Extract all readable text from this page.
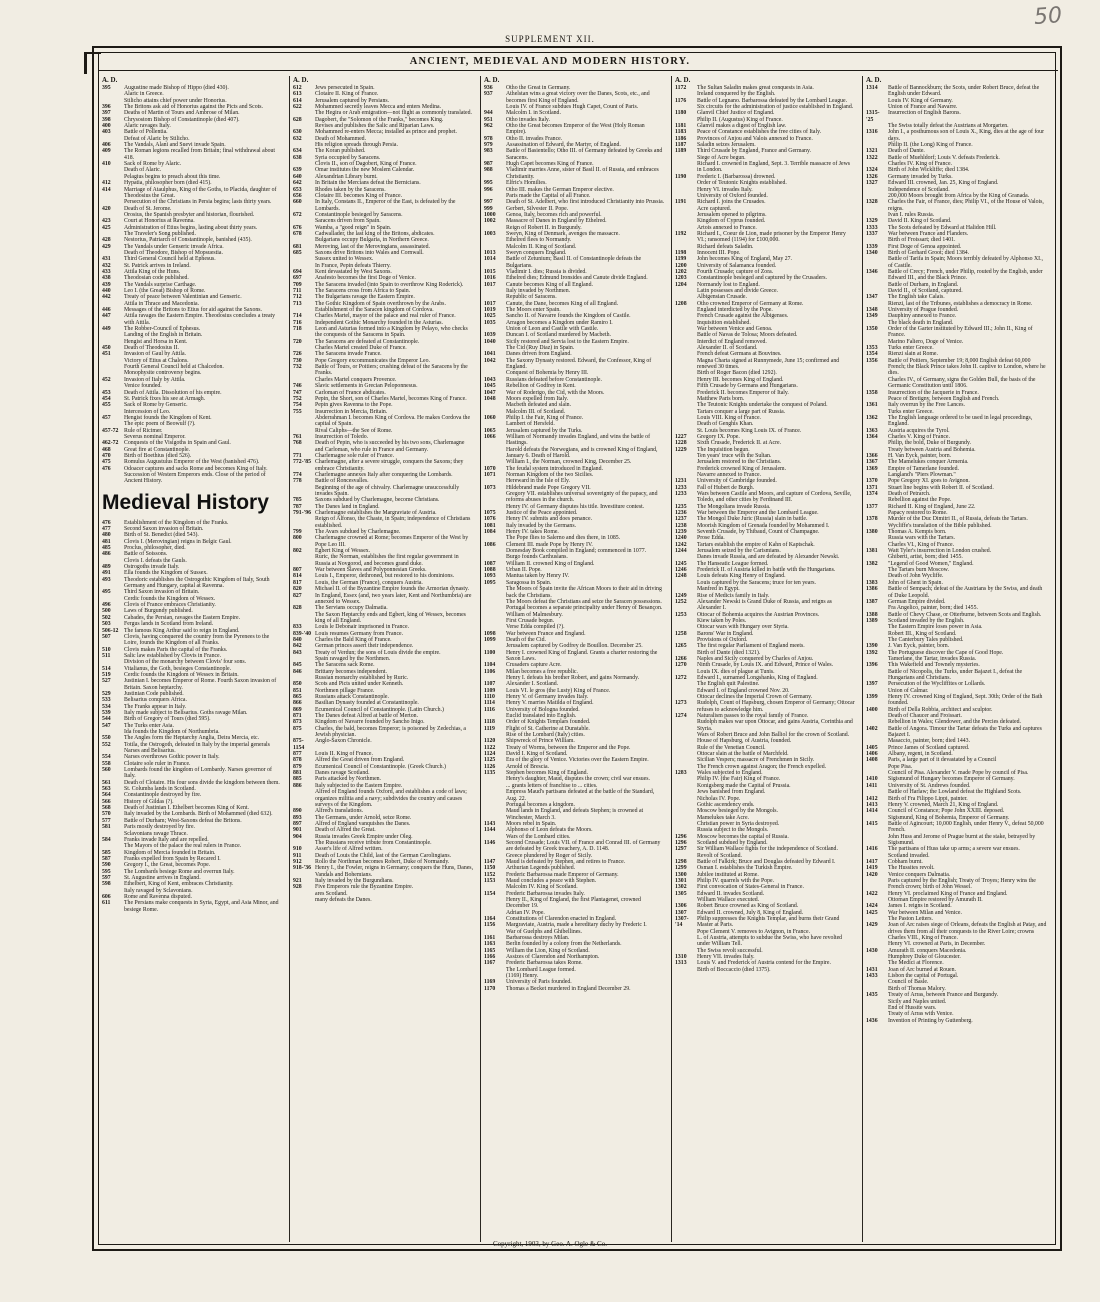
50
SUPPLEMENT XII.
ANCIENT, MEDIEVAL AND MODERN HISTORY.
A. D.
395	Augustine made Bishop of Hippo (died 430).
Alaric in Greece.
Stilicho attains chief power under Honorius.
396	The Britons ask aid of Honorius against the Picts and Scots.
397	Deaths of Martin of Tours and Ambrose of Milan.
398	Chrysostom Bishop of Constantinople (died 407).
400	Alaric ravages Italy.
403	Battle of Pollentia.
Defeat of Alaric by Stilicho.
406	The Vandals, Alani and Suevi invade Spain.
409	The Roman legions recalled from Britain; final withdrawal about 418.
410	Sack of Rome by Alaric.
Death of Alaric.
Pelagius begins to preach about this time.
412	Hypatia, philosopher born (died 415).
414	Marriage of Ataulphus, King of the Goths, to Placida, daughter of Theodosius the Great.
Persecution of the Christians in Persia begins; lasts thirty years.
420	Death of St. Jerome.
Orosius, the Spanish presbyter and historian, flourished.
423	Court at Honorius at Ravenna.
425	Administration of Etius begins, lasting about thirty years.
The Traveler's Song published.
428	Nestorius, Patriarch of Constantinople, banished (435).
429	The Vandals under Genseric invade Africa.
Death of Theodore, Bishop of Mopsuestia.
431	Third General Council held at Ephesus.
432	St. Patrick arrives in Ireland.
433	Attila King of the Huns.
438	Theodosian code published.
439	The Vandals surprise Carthage.
440	Leo I. (the Great) Bishop of Rome.
442	Treaty of peace between Valentinian and Genseric.
Attila in Thrace and Macedonia.
446	Messages of the Britons to Etius for aid against the Saxons.
447	Attila ravages the Eastern Empire. Theodosius concludes a treaty with Attila.
449	The Robber-Council of Ephesus.
Landing of the English in Britain.
Hengist and Horsa in Kent.
450	Death of Theodosius II.
451	Invasion of Gaul by Attila.
Victory of Etius at Chalons.
Fourth General Council held at Chalcedon.
Monophysite controversy begins.
452	Invasion of Italy by Attila.
Venice founded.
453	Death of Attila. Dissolution of his empire.
454	St. Patrick fixes his see at Armagh.
455	Sack of Rome by Genseric.
Intercession of Leo.
457	Hengist founds the Kingdom of Kent.
The epic poem of Beowulf (?).
457-72 Rule of Ricimer.
Severus nominal Emperor.
462-72 Conquests of the Visigoths in Spain and Gaul.
468	Great fire at Constantinople.
470	Birth of Boethius (died 526).
475	Romulus Augustulus Emperor of the West (banished 476).
476	Odoacer captures and sacks Rome and becomes King of Italy.
Succession of Western Emperors ends. Close of the period of Ancient History.
Medieval History
476	Establishment of the Kingdom of the Franks.
477	Second Saxon invasion of Britain.
480	Birth of St. Benedict (died 543).
481	Clovis I. (Merovingian) reigns in Belgic Gaul.
485	Proclus, philosopher, died.
486	Battle of Soissons.
Clovis I. defeats the Gauls.
489	Ostrogoths invade Italy.
491	Ella founds the Kingdom of Sussex.
493	Theodoric establishes the Ostrogothic Kingdom of Italy, South Germany and Hungary, capital at Ravenna.
495	Third Saxon invasion of Britain.
Cerdic founds the Kingdom of Wessex.
496	Clovis of France embraces Christianity.
500	Laws of Burgundy published.
502	Cabades, the Persian, ravages the Eastern Empire.
503	Fergus lands in Scotland from Ireland.
506-12 The famous King Arthur said to reign in England.
507	Clovis, having conquered the country from the Pyrenees to the Loire, founds the Kingdom of all Franks.
510	Clovis makes Paris the capital of the Franks.
511	Salic law established by Clovis in France.
Division of the monarchy between Clovis' four sons.
514	Vitalianus, the Goth, besieges Constantinople.
519	Cerdic founds the Kingdom of Wessex in Britain.
527	Justinian I. becomes Emperor of Rome. Fourth Saxon invasion of Britain. Saxon heptarchy.
529	Justinian Code published.
533	Belisarius conquers Africa.
534	The Franks appear in Italy.
539	Italy made subject to Belisarius. Goths ravage Milan.
544	Birth of Gregory of Tours (died 595).
547	The Turks enter Asia.
Ida founds the Kingdom of Northumbria.
550	The Angles form the Heptarchy Anglia, Deira Mercia, etc.
552	Totila, the Ostrogoth, defeated in Italy by the imperial generals Narses and Belisarius.
554	Narses overthrows Gothic power in Italy.
558	Clotaire sole ruler in France.
560	Lombards found the kingdom of Lombardy. Narses governor of Italy.
561	Death of Clotaire. His four sons divide the kingdom between them.
563	St. Columba lands in Scotland.
564	Constantinople destroyed by fire.
566	History of Gildas (?).
568	Death of Justinian I. Ethelbert becomes King of Kent.
570	Italy invaded by the Lombards. Birth of Mohammed (died 632).
577	Battle of Durham; West-Saxons defeat the Britons.
581	Paris mostly destroyed by fire.
Sclavonians ravage Thrace.
584	Franks invade Italy and are repelled.
The Mayors of the palace the real rulers in France.
585	Kingdom of Mercia founded in Britain.
587	Franks expelled from Spain by Recared I.
590	Gregory I., the Great, becomes Pope.
595	The Lombards besiege Rome and overrun Italy.
597	St. Augustine arrives in England.
598	Ethelbert, King of Kent, embraces Christianity.
Italy ravaged by Sclavonians.
606	Rome and Ravenna disputed.
611	The Persians make conquests in Syria, Egypt, and Asia Minor, and besiege Rome.
A. D.
612	Jews persecuted in Spain.
613	Clotaire II. King of France.
614	Jerusalem captured by Persians.
622	Mohammed secretly leaves Mecca and enters Medina.
The Hegira or Arab emigration—not flight as commonly translated.
628	Dagobert, the "Solomon of the Franks," becomes King.
Revises and publishes the Salic and Riparian Laws.
630	Mohammed re-enters Mecca; installed as prince and prophet.
632	Death of Mohammed.
His religion spreads through Persia.
634	The Koran published.
638	Syria occupied by Saracens.
Clovis II., son of Dagobert, King of France.
639	Omar institutes the new Moslem Calendar.
640	Alexandrian Library burnt.
642	In Britain the Mercians defeat the Bernicians.
653	Rhodes taken by the Saracens.
656	Clotaire III. becomes King of France.
660	In Italy, Constans II., Emperor of the East, is defeated by the Lombards.
672	Constantinople besieged by Saracens.
Saracens driven from Spain.
676	Wamba, a "good reign" in Spain.
678	Cadwallader, the last king of the Britons, abdicates.
Bulgarians occupy Bulgaria, in Northern Greece.
681	Meroving, last of the Merovingians, assassinated.
685	Saxons drive Britons into Wales and Cornwall.
Sussex united to Wessex.
In France, Pepin defeats Thierry.
694	Kent devastated by West Saxons.
697	Anafesto becomes the first Doge of Venice.
709	The Saracens invaded (into Spain to overthrow King Roderick).
711	The Saracens cross from Africa to Spain.
712	The Bulgarians ravage the Eastern Empire.
713	The Gothic Kingdom of Spain overthrown by the Arabs.
Establishment of the Saracen kingdom of Cordova.
714	Charles Martel, mayor of the palace and real ruler of France.
716	Independent Gothic Monarchy founded in the Asturias.
718	Leon and Asturias formed into a Kingdom by Pelayo, who checks the conquests of the Saracens in Spain.
720	The Saracens are defeated at Constantinople.
Charles Martel created Duke of France.
726	The Saracens invade France.
730	Pope Gregory excommunicates the Emperor Leo.
732	Battle of Tours, or Poitiers; crushing defeat of the Saracens by the Franks.
Charles Martel conquers Provence.
746	Slavic settlements in Grecian Peloponnesus.
747	Carloman of France abdicates.
752	Pepin, the Short, son of Charles Martel, becomes King of France.
754	Pepin gives Ravenna to the Pope.
755	Insurrection in Mercia, Britain.
Abderrahman I. becomes King of Cordova. He makes Cordova the capital of Spain.
Rival Caliphs—the See of Rome.
761	Insurrection of Toledo.
768	Death of Pepin, who is succeeded by his two sons, Charlemagne and Carloman, who rule in France and Germany.
771	Charlemagne sole ruler of France.
772-'85 Charlemagne, after a severe struggle, conquers the Saxons; they embrace Christianity.
774	Charlemagne annexes Italy after conquering the Lombards.
778	Battle of Roncesvalles.
Beginning of the age of chivalry. Charlemagne unsuccessfully invades Spain.
785	Saxons subdued by Charlemagne, become Christians.
787	The Danes land in England.
791-'96 Charlemagne establishes the Margraviate of Austria.
Reign of Alfonso, the Chaste, in Spain; independence of Christians established.
799	The Avars subdued by Charlemagne.
800	Charlemagne crowned at Rome; becomes Emperor of the West by Pope Leo III.
802	Egbert King of Wessex.
Ruric, the Norman, establishes the first regular government in Russia at Novgorod, and becomes grand duke.
807	War between Slaves and Polyponnesian Greeks.
814	Louis I., Emperor, dethroned, but restored to his dominions.
817	Louis, the German (France), conquers Austria.
820	Michael II. of the Byzantine Empire founds the Armorian dynasty.
827	In England, Essex (and, two years later, Kent and Northumbria) are annexed to Wessex.
828	The Servians occupy Dalmatia.
The Saxon Heptarchy ends and Egbert, king of Wessex, becomes king of all England.
833	Louis le Debonair imprisoned in France.
839-'40 Louis resumes Germany from France.
840	Charles the Bald King of France.
842	German princes assert their independence.
843	Treaty of Verdun; the sons of Louis divide the empire.
Spain ravaged by the Northmen.
845	The Saracens sack Rome.
846	Brittany becomes independent.
Russian monarchy established by Ruric.
850	Scots and Picts united under Kenneth.
851	Northmen pillage France.
865	Russians attack Constantinople.
866	Basilian Dynasty founded at Constantinople.
869	Ecumenical Council of Constantinople. (Latin Church.)
871	The Danes defeat Alfred at battle of Merton.
873	Kingdom of Navarre founded by Sancho Inigo.
875	Charles, the bald, becomes Emperor; is poisoned by Zedechias, a Jewish physician.
875-1154
Anglo-Saxon Chronicle.
877	Louis II. King of France.
878	Alfred the Great driven from England.
879	Ecumenical Council of Constantinople. (Greek Church.)
881	Danes ravage Scotland.
885	Paris attacked by Northmen.
886	Italy subjected to the Eastern Empire.
Alfred of England founds Oxford, and establishes a code of laws; organizes militia and a navy; subdivides the country and causes surveys of the Kingdom.
890	Alfred's translations.
893	The Germans, under Arnold, seize Rome.
897	Alfred of England vanquishes the Danes.
901	Death of Alfred the Great.
904	Russia invades Greek Empire under Oleg.
The Russians receive tribute from Constantinople.
910	Asser's life of Alfred written.
911	Death of Louis the Child, last of the German Carolingians.
912	Rollo the Northman becomes Robert, Duke of Normandy.
918-'36 Henry I., the Fowler, reigns in Germany; conquers the Huns, Danes, Vandals and Bohemians.
921	Italy invaded by the Burgundians.
928	Five Emperors rule the Byzantine Empire.
ares Scotland.
many defeats the Danes.
A. D.
936	Otho the Great in Germany.
937	Athelstan wins a great victory over the Danes, Scots, etc., and becomes first King of England.
Louis IV. of France subdues Hugh Capet, Count of Paris.
944	Malcolm I. in Scotland.
951	Otho invades Italy.
962	Otho the Great becomes Emperor of the West (Holy Roman Empire).
978	Otho II. invades France.
979	Assassination of Edward, the Martyr, of England.
983	Battle of Basientello; Otho III. of Germany defeated by Greeks and Saracens.
987	Hugh Capet becomes King of France.
988	Vladimir marries Anne, sister of Basil II. of Russia, and embraces Christianity.
995	Elfric's Homilies.
996	Otho III. makes the German Emperor elective.
Paris made the Capital of all France.
997	Death of St. Adelbert, who first introduced Christianity into Prussia.
999	Gerbert, Silvester II. Pope.
1000	Genoa, Italy, becomes rich and powerful.
1002	Massacre of Danes in England by Ethelred.
Reign of Robert II. in Burgundy.
1003	Sweyn, King of Denmark, avenges the massacre.
Ethelred flees to Normandy.
Malcolm II. King of Scotland.
1013	Sweyn conquers England.
1014	Battle of Zetunium; Basil II. of Constantinople defeats the Bulgarians.
1015	Vladimir I. dies; Russia is divided.
1016	Ethelred dies; Edmund Ironsides and Canute divide England.
1017	Canute becomes King of all England.
Italy invaded by Northmen.
Republic of Saracens.
1017	Canute, the Dane, becomes King of all England.
1019	The Moors enter Spain.
1025	Sancho II. of Navarre founds the Kingdom of Castile.
1035	Arragon becomes a Kingdom under Ramiro I.
Union of Leon and Castile with Castile.
1039	Duncan I. of Scotland murdered by Macbeth.
1040	Sicily restored and Servia lost to the Eastern Empire.
The Cid (Ruy Diaz) in Spain.
1041	Danes driven from England.
1042	The Saxony Dynasty restored. Edward, the Confessor, King of England.
Conquest of Bohemia by Henry III.
1043	Russians defeated before Constantinople.
1045	Rebellion of Godfrey in Kent.
1047	War of Roderigo, the Cid, with the Moors.
1048	Moors expelled from Italy.
Macbeth defeated and slain.
Malcolm III. of Scotland.
1060	Philip I. the Fair, King of France.
Lambert of Hersfeld.
1065	Jerusalem captured by the Turks.
1066	William of Normandy invades England, and wins the battle of Hastings.
Harold defeats the Norwegians, and is crowned King of England, January 6. Death of Harold.
William I., the Norman, crowned King, December 25.
1070	The feudal system introduced in England.
1071	Norman Kingdom of the two Sicilies.
Hereward in the Isle of Ely.
1073	Hildebrand made Pope Gregory VII.
Gregory VII. establishes universal sovereignty of the papacy, and reforms abuses in the church.
Henry IV. of Germany disputes his title. Investiture contest.
1075	Justice of the Peace appointed.
1076	Henry IV. submits and does penance.
1081	Italy invaded by the Germans.
1084	Henry IV. takes Rome.
The Pope flies to Salerno and dies there, in 1085.
1086	Clement III. made Pope by Henry IV.
Domesday Book compiled in England; commenced in 1077.
Burgo founds Carthusians.
1087	William II. crowned King of England.
1088	Urban II. Pope.
1093	Mantua taken by Henry IV.
1095	Saragossa in Spain.
The Moors of Spain invite the African Moors to their aid in driving back the Christians.
The Moors defeat the Christians and seize the Saracen possessions.
Portugal becomes a separate principality under Henry of Besançon.
William of Malmesbury.
First Crusade begun.
Verse Edda compiled (?).
1098	War between France and England.
1099	Death of the Cid.
Jerusalem captured by Godfrey de Bouillon. December 25.
1100	Henry I. crowned King of England. Grants a charter restoring the Saxon Laws.
1104	Crusaders capture Acre.
1106	Milan becomes a free republic.
Henry I. defeats his brother Robert, and gains Normandy.
1107	Alexander I. Scotland.
1109	Louis VI. le gros (the Lusty) King of France.
1110	Henry V. of Germany invades Italy.
1114	Henry V. marries Matilda of England.
1116	University of Bologna founded.
Euclid translated into English.
1118	Order of Knights Templars founded.
1119	Flight of St. Catherine at Dunstable.
Rise of the Lombard (Italy) cities.
1120	Shipwreck of Prince William.
1122	Treaty of Worms, between the Emperor and the Pope.
1124	David I. King of Scotland.
1125	Era of the glory of Venice. Victories over the Eastern Empire.
1126	Arnold of Brescia.
1135	Stephen becomes King of England.
Henry's daughter, Maud, disputes the crown; civil war ensues.
... grants letters of franchise to ... cities.
Empress Maud's partisans defeated at the battle of the Standard, Aug. 22.
Portugal becomes a kingdom.
Maud lands in England, and defeats Stephen; is crowned at Winchester, March 3.
1143	Moors rebel in Spain.
1144	Alphonso of Leon defeats the Moors.
Wars of the Lombard cities.
1146	Second Crusade; Louis VII. of France and Conrad III. of Germany are defeated by Greek treachery, A. D. 1148.
Greece plundered by Roger of Sicily.
1147	Maud is defeated by Stephen, and retires to France.
1150	Arthurian Legends published.
1152	Frederic Barbarossa made Emperor of Germany.
1153	Maud concludes a peace with Stephen.
Malcolm IV. King of Scotland.
1154	Frederic Barbarossa invades Italy.
Henry II., King of England, the first Plantagenet, crowned December 19.
Adrian IV. Pope.
1164	Constitutions of Clarendon enacted in England.
1156	Margraviate, Austria, made a hereditary duchy by Frederic I.
War of Guelphs and Ghibellines.
1161	Barbarossa destroys Milan.
1163	Berlin founded by a colony from the Netherlands.
1165	William the Lion, King of Scotland.
1166	Assizes of Clarendon and Northampton.
1167	Frederic Barbarossa takes Rome.
The Lombard League formed.
(1169) Henry.
1169	University of Paris founded.
1170	Thomas a Becket murdered in England December 29.
A. D.
1172	The Sultan Saladin makes great conquests in Asia.
Ireland conquered by the English.
1176	Battle of Legnano. Barbarossa defeated by the Lombard League.
Six circuits for the administration of justice established in England.
1180	Glanvil Chief Justice of England.
Philip II. (Augustus) King of France.
1181	Glanvil makes a digest of English law.
1183	Peace of Constance establishes the free cities of Italy.
1186	Provinces of Anjou and Valois annexed to France.
1187	Saladin seizes Jerusalem.
1189	Third Crusade by England, France and Germany.
Siege of Acre begun.
Richard I. crowned in England, Sept. 3. Terrible massacre of Jews in London.
1190	Frederic I. (Barbarossa) drowned.
Order of Teutonic Knights established.
Henry VI. invades Italy.
University of Oxford founded.
1191	Richard I. joins the Crusades.
Acre captured.
Jerusalem opened to pilgrims.
Kingdom of Cyprus founded.
Artois annexed to France.
1192	Richard I., Coeur de Lion, made prisoner by the Emperor Henry VI.; ransomed (1194) for £100,000.
Richard defeats Saladin.
1198	Innocent III. Pope.
1199	John becomes King of England, May 27.
1200	University of Salamanca founded.
1202	Fourth Crusade; capture of Zora.
1203	Constantinople besieged and captured by the Crusaders.
1204	Normandy lost to England.
Latin possesses and divide Greece.
Albigensian Crusade.
1208	Otho crowned Emperor of Germany at Rome.
England interdicted by the Pope.
French Crusade against the Albigenses.
Inquisition established.
War between Venice and Genoa.
Battle of Navas de Tolosa; Moors defeated.
Interdict of England removed.
Alexander II. of Scotland.
French defeat Germans at Bouvines.
Magna Charta signed at Runnymede, June 15; confirmed and renewed 30 times.
Birth of Roger Bacon (died 1292).
Henry III. becomes King of England.
Fifth Crusade by Germans and Hungarians.
Frederick II. becomes Emperor of Italy.
Matthew Paris born.
The Teutonic Knights undertake the conquest of Poland.
Tartars conquer a large part of Russia.
Louis VIII. King of France.
Death of Genghis Khan.
St. Louis becomes King Louis IX. of France.
1227	Gregory IX. Pope.
1228	Sixth Crusade, Frederick II. at Acre.
1229	The Inquisition begun.
Ten years' truce with the Sultan.
Jerusalem restored to the Christians.
Frederick crowned King of Jerusalem.
Navarre annexed to France.
1231	University of Cambridge founded.
1233	Fall of Hubert de Burgh.
1233	Wars between Castile and Moors, and capture of Cordova, Seville, Toledo, and other cities by Ferdinand III.
1235	The Mongolians invade Russia.
1236	War between the Emperor and the Lombard League.
1237	The Mongol Duke Juric (Russia) slain in battle.
1238	Moorish Kingdom of Grenada founded by Mohammed I.
1239	Seventh Crusade, by Thibaud, Count of Champagne.
1240	Prose Edda.
1242	Tartars establish the empire of Kahn of Kaptschak.
1244	Jerusalem seized by the Carismians.
Danes invade Russia, and are defeated by Alexander Newski.
1245	The Hanseatic League formed.
1246	Frederick II. of Austria killed in battle with the Hungarians.
1248	Louis defeats King Henry of England.
Louis captured by the Saracens; truce for ten years.
Manfred in Egypt.
1249	Rise of Medicis family in Italy.
1252	Alexander Newski is Grand Duke of Russia, and reigns as Alexander I.
1253	Ottocar of Bohemia acquires the Austrian Provinces.
Kiew taken by Poles.
Ottocar wars with Hungary over Styria.
1258	Barons' War in England.
Provisions of Oxford.
1265	The first regular Parliament of England meets.
Birth of Dante (died 1321).
1266	Naples and Sicily conquered by Charles of Anjou.
1270	Ninth Crusade, by Louis IX. and Edward, Prince of Wales.
Louis IX. dies of plague at Tunis.
1272	Edward I., surnamed Longshanks, King of England.
The English quit Palestine.
Edward I. of England crowned Nov. 20.
Ottocar declines the Imperial Crown of Germany.
1273	Rudolph, Count of Hapsburg, chosen Emperor of Germany; Ottocar refuses to acknowledge him.
1274	Naturalism passes to the royal family of France.
Rudolph makes war upon Ottocar, and gains Austria, Corinthia and Styria.
Wars of Robert Bruce and John Balliol for the crown of Scotland.
House of Hapsburg, of Austria, founded.
Rule of the Venetian Council.
Ottocar slain at the battle of Marchfeld.
Sicilian Vespers; massacre of Frenchmen in Sicily.
The French crown against Aragon; the French expelled.
1283	Wales subjected to England.
Philip IV. (the Fair) King of France.
Konigsberg made the Capital of Prussia.
Jews banished from England.
Nicholas IV. Pope.
Gothic ascendency ends.
Moscow besieged by the Mongols.
Mamelukes take Acre.
Christian power in Syria destroyed.
Russia subject to the Mongols.
1296	Moscow becomes the capital of Russia.
1296	Scotland subdued by England.
1297	Sir William Wallace fights for the independence of Scotland.
Revolt of Scotland.
1298	Battle of Falkirk; Bruce and Douglas defeated by Edward I.
1299	Osman I. establishes the Turkish Empire.
1300	Jubilee instituted at Rome.
1301	Philip IV. quarrels with the Pope.
1302	First convocation of States-General in France.
1305	Edward II. invades Scotland.
William Wallace executed.
1306	Robert Bruce crowned as King of Scotland.
1307	Edward II. crowned, July 8, King of England.
1307-'14
Philip suppresses the Knights Templar, and burns their Grand Master at Paris.
Pope Clement V. removes to Avignon, in France.
L. of Austria, attempts to subdue the Swiss, who have revolted under William Tell.
The Swiss revolt successful.
1310	Henry VII. invades Italy.
1313	Louis V. and Frederick of Austria contend for the Empire.
Birth of Boccaccio (died 1375).
A. D.
1314	Battle of Bannockburn; the Scots, under Robert Bruce, defeat the English under Edward.
Louis IV. King of Germany.
Union of France and Navarre.
1315-'25
Insurrection of English Barons.
The Swiss totally defeat the Austrians at Morgarten.
1316	John I., a posthumous son of Louis X., King, dies at the age of four days.
Philip II. (the Long) King of France.
1321	Death of Dante.
1322	Battle of Muehldorf; Louis V. defeats Frederick.
Charles IV. King of France.
1324	Birth of John Wickliffe; died 1384.
1326	Germany invaded by Turks.
1327	Edward III. crowned, Jan. 25, King of England.
Independence of Scotland.
200,000 Moors brought from Africa by the King of Granada.
1328	Charles the Fair, of France, dies; Philip VI., of the House of Valois, reigns.
Ivan I. rules Russia.
1329	David II. King of Scotland.
1333	The Scots defeated by Edward at Halidon Hill.
1337	War between France and Flanders.
Birth of Froissart; died 1401.
1339	First Doge of Genoa appointed.
1340	Birth of Gerhard Groot; died 1384.
Battle of Tarifa in Spain; Moors terribly defeated by Alphonso XI., of Castile.
1346	Battle of Crecy; French, under Philip, routed by the English, under Edward III., and the Black Prince.
Battle of Durham, in England.
David II., of Scotland, captured.
1347	The English take Calais.
Rienzi, last of the Tribunes, establishes a democracy in Rome.
1348	University of Prague founded.
1349	Dauphiny annexed to France.
The black death in England.
1350	Order of the Garter instituted by Edward III.; John II., King of France.
Marino Faliero, Doge of Venice.
1353	Turks enter Greece.
1354	Rienzi slain at Rome.
1356	Battle of Poitiers, September 19; 8,000 English defeat 60,000 French; the Black Prince takes John II. captive to London, where he dies.
Charles IV., of Germany, signs the Golden Bull, the basis of the Germanic Constitution until 1806.
1358	Insurrection of the Jacquerie in France.
Peace of Bretigny, between English and French.
1361	Italy overrun by the Free Lances.
Turks enter Greece.
1362	The English language ordered to be used in legal proceedings, England.
1363	Austria acquires the Tyrol.
1364	Charles V. King of France.
Philip, the bold, Duke of Burgundy.
Treaty between Austria and Bohemia.
1366	H. Van Eyck, painter, born.
1367	The Mamelukes conquer Armenia.
1369	Empire of Tamerlane founded.
Langland's "Piers Plowman."
1370	Pope Gregory XI. goes to Avignon.
1371	Stuart line begins with Robert II. of Scotland.
1374	Death of Petrarch.
Rebellion against the Pope.
1377	Richard II. King of England, June 22.
Papacy restored to Rome.
1378	Murder of the Duc Dimitri II., of Russia, defeats the Tartars.
Wycliffe's translation of the Bible published.
1380	Thomas A. Kempis born.
Russia wars with the Tartars.
Charles VI., King of France.
1381	Watt Tyler's insurrection in London crushed.
Ghiberti, artist, born; died 1455.
1382	"Legend of Good Women," England.
The Tartars burn Moscow.
Death of John Wycliffe.
1383	John of Ghent in Spain.
1386	Battle of Sempach; defeat of the Austrians by the Swiss, and death of Duke Leopold.
1387	German Empire divided.
Fra Angelico, painter, born; died 1455.
1388	Battle of Chevy Chase, or Otterburne, between Scots and English.
1389	Scotland invaded by the English.
The Eastern Empire loses power in Asia.
Robert III., King of Scotland.
The Canterbury Tales published.
1390	J. Van Eyck, painter, born.
1392	The Portuguese discover the Cape of Good Hope.
Tamerlane, the Tartar, invades Russia.
1396	This Wakefield and Townely mysteries.
Battle of Nicopolis, the Turks, under Bajazet I., defeat the Hungarians and Christians.
1397	Persecution of the Wycliffites or Lollards.
Union of Calmar.
1399	Henry IV. crowned King of England, Sept. 30th; Order of the Bath founded.
1400	Birth of Della Robbia, architect and sculptor.
Death of Chaucer and Froissart.
Rebellion in Wales; Glendower, and the Percies defeated.
1402	Battle of Angora. Timour the Tartar defeats the Turks and captures Bajazet I.
Masaccio, painter, born; died 1443.
1405	Prince James of Scotland captured.
1406	Albany, regent, in Scotland.
1408	Paris, a large part of it devastated by a Council
Pope Pisa.
Council of Pisa. Alexander V. made Pope by council of Pisa.
1410	Sigismund of Hungary becomes Emperor of Germany.
1411	University of St. Andrews founded.
Battle of Harlaw; the Lowland defeat the Highland Scots.
1412	Birth of Fra Filippo Lippi, painter.
1413	Henry V. crowned, March 21, King of England.
1414	Council of Constance; Pope John XXIII. deposed.
Sigismund, King of Bohemia, Emperor of Germany.
1415	Battle of Agincourt; 10,000 English, under Henry V., defeat 50,000 French.
John Huss and Jerome of Prague burnt at the stake, betrayed by Sigismund.
1416	The partisans of Huss take up arms; a severe war ensues.
Scotland invaded.
1417	Cobham burnt.
1419	The Hussites revolt.
1420	Venice conquers Dalmatia.
Paris captured by the English; Treaty of Troyes; Henry wins the French crown; birth of John Wessel.
1422	Henry VI. proclaimed King of France and England.
Ottoman Empire restored by Amurath II.
1424	James I. reigns in Scotland.
1425	War between Milan and Venice.
The Paston Letters.
1429	Joan of Arc raises siege of Orleans, defeats the English at Patay, and drives them from all their conquests to the River Loire; crowns Charles VIII., King of France.
Henry VI. crowned at Paris, in December.
1430	Amurath II. conquers Macedonia.
Humphrey Duke of Gloucester.
The Medici at Florence.
1431	Joan of Arc burned at Rouen.
1433	Lisbon the capital of Portugal.
Council of Basle.
Birth of Thomas Malory.
1435	Treaty of Arras, between France and Burgundy.
Sicily and Naples united.
End of Hussite wars.
Treaty of Arras with Venice.
1436	Invention of Printing by Guttenberg.
Copyright, 1903, by Geo. A. Ogle & Co.
